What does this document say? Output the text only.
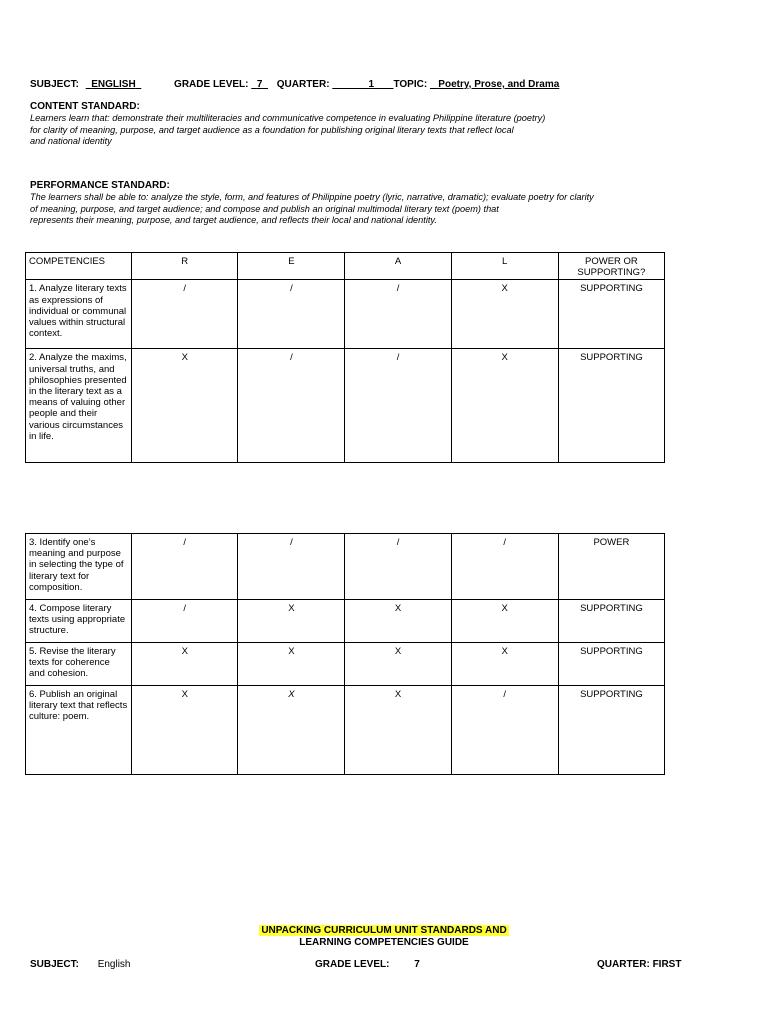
SUBJECT: ENGLISH	GRADE LEVEL: 7 QUARTER:	1 TOPIC: Poetry, Prose, and Drama
CONTENT STANDARD:
Learners learn that: demonstrate their multiliteracies and communicative competence in evaluating Philippine literature (poetry)
for clarity of meaning, purpose, and target audience as a foundation for publishing original literary texts that reflect local
and national identity
PERFORMANCE STANDARD:
The learners shall be able to: analyze the style, form, and features of Philippine poetry (lyric, narrative, dramatic); evaluate poetry for clarity
of meaning, purpose, and target audience; and compose and publish an original multimodal literary text (poem) that
represents their meaning, purpose, and target audience, and reflects their local and national identity.
COMPETENCIES	R	E	A	L	POWER OR SUPPORTING?
1. Analyze literary texts as expressions of individual or communal values within structural context.	/	/	/	X	SUPPORTING
2. Analyze the maxims, universal truths, and philosophies presented in the literary text as a means of valuing other people and their various circumstances in life.	X	/	/	X	SUPPORTING
3. Identify one’s meaning and purpose in selecting the type of literary text for composition.	/	/	/	/	POWER
4. Compose literary texts using appropriate structure.	/	X	X	X	SUPPORTING
5. Revise the literary texts for coherence and cohesion.	X	X	X	X	SUPPORTING
6. Publish an original literary text that reflects culture: poem.	X	X	X	/	SUPPORTING
UNPACKING CURRICULUM UNIT STANDARDS AND
LEARNING COMPETENCIES GUIDE
SUBJECT: English	GRADE LEVEL: 7	QUARTER: FIRST
